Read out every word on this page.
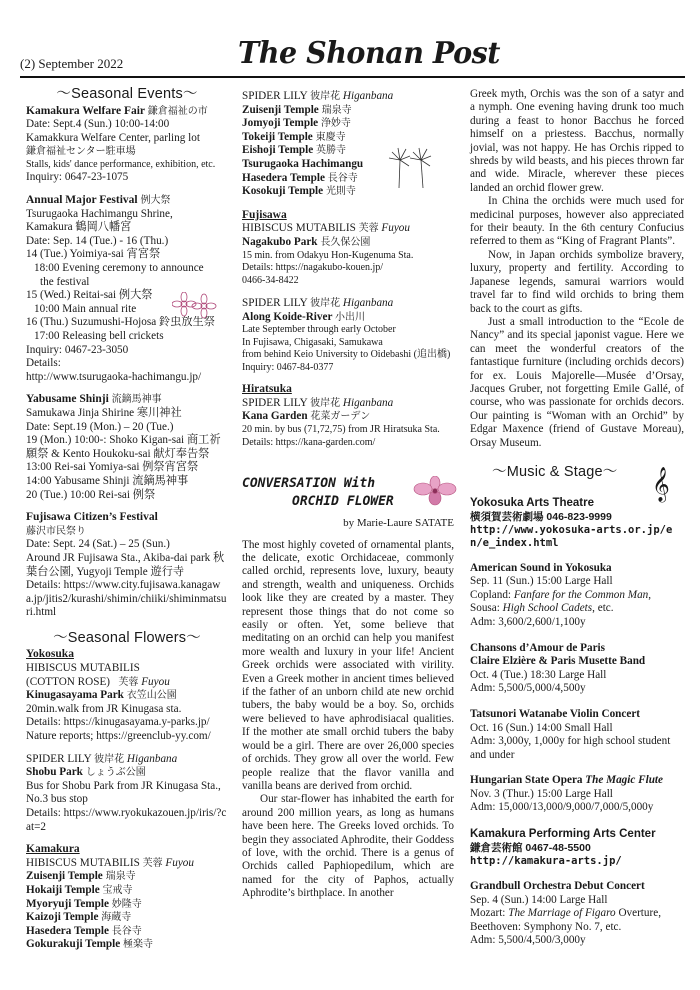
(2) September 2022	The Shonan Post
〜Seasonal Events〜
Kamakura Welfare Fair 鎌倉福祉の市
Date: Sept.4 (Sun.) 10:00-14:00
Kamakkura Welfare Center, parling lot
鎌倉福祉センター駐車場
Stalls, kids' dance performance, exhibition, etc.
Inquiry: 0647-23-1075
Annual Major Festival 例大祭
Tsurugaoka Hachimangu Shrine,
Kamakura 鶴岡八幡宮
Date: Sep. 14 (Tue.) - 16 (Thu.)
14 (Tue.) Yoimiya-sai 宵宮祭
18:00 Evening ceremony to announce
the festival
15 (Wed.) Reitai-sai 例大祭
10:00 Main annual rite
16 (Thu.) Suzumushi-Hojosa 鈴虫放生祭
17:00 Releasing bell crickets
Inquiry: 0467-23-3050
Details:
http://www.tsurugaoka-hachimangu.jp/
Yabusame Shinji 流鏑馬神事
Samukawa Jinja Shirine 寒川神社
Date: Sept.19 (Mon.) – 20 (Tue.)
19 (Mon.) 10:00-: Shoko Kigan-sai 商工祈願祭 & Kento Houkoku-sai 献灯奉告祭
13:00 Rei-sai Yomiya-sai 例祭宵宮祭
14:00 Yabusame Shinji 流鏑馬神事
20 (Tue.) 10:00 Rei-sai 例祭
Fujisawa Citizen’s Festival
藤沢市民祭り
Date: Sept. 24 (Sat.) – 25 (Sun.)
Around JR Fujisawa Sta., Akiba-dai park 秋葉台公園, Yugyoji Temple 遊行寺
Details: https://www.city.fujisawa.kanagawa.jp/jitis2/kurashi/shimin/chiiki/shiminmatsuri.html
〜Seasonal Flowers〜
Yokosuka
HIBISCUS MUTABILIS
(COTTON ROSE) 芙蓉 Fuyou
Kinugasayama Park 衣笠山公園
20min.walk from JR Kinugasa sta.
Details: https://kinugasayama.y-parks.jp/
Nature reports; https://greenclub-yy.com/
SPIDER LILY 彼岸花 Higanbana
Shobu Park しょうぶ公園
Bus for Shobu Park from JR Kinugasa Sta., No.3 bus stop
Details: https://www.ryokukazouen.jp/iris/?cat=2
Kamakura
HIBISCUS MUTABILIS 芙蓉 Fuyou
Zuisenji Temple 瑞泉寺
Hokaiji Temple 宝戒寺
Myoryuji Temple 妙隆寺
Kaizoji Temple 海蔵寺
Hasedera Temple 長谷寺
Gokurakuji Temple 極楽寺
SPIDER LILY 彼岸花 Higanbana
Zuisenji Temple 瑞泉寺
Jomyoji Temple 浄妙寺
Tokeiji Temple 東慶寺
Eishoji Temple 英勝寺
Tsurugaoka Hachimangu
Hasedera Temple 長谷寺
Kosokuji Temple 光則寺
Fujisawa
HIBISCUS MUTABILIS 芙蓉 Fuyou
Nagakubo Park 長久保公園
15 min. from Odakyu Hon-Kugenuma Sta.
Details: https://nagakubo-kouen.jp/
0466-34-8422
SPIDER LILY 彼岸花 Higanbana
Along Koide-River 小出川
Late September through early October
In Fujisawa, Chigasaki, Samukawa
from behind Keio University to Oidebashi (追出橋) Inquiry: 0467-84-0377
Hiratsuka
SPIDER LILY 彼岸花 Higanbana
Kana Garden 花菜ガーデン
20 min. by bus (71,72,75) from JR Hiratsuka Sta.
Details: https://kana-garden.com/
CONVERSATION With
ORCHID FLOWER
by Marie-Laure SATATE
The most highly coveted of ornamental plants, the delicate, exotic Orchidaceae, commonly called orchid, represents love, luxury, beauty and strength, wealth and uniqueness. Orchids look like they are created by a master. They represent those things that do not come so easily or often. Yet, some believe that meditating on an orchid can help you manifest more wealth and luxury in your life! Ancient Greek orchids were associated with virility. Even a Greek mother in ancient times believed if the father of an unborn child ate new orchid tubers, the baby would be a boy. So, orchids were believed to have aphrodisiacal qualities. If the mother ate small orchid tubers the baby would be a girl. There are over 26,000 species of orchids. They grow all over the world. Few people realize that the flavor vanilla and vanilla beans are derived from orchid.
Our star-flower has inhabited the earth for around 200 million years, as long as humans have been here. The Greeks loved orchids. To begin they associated Aphrodite, their Goddess of love, with the orchid. There is a genus of Orchids called Paphiopedilum, which are named for the city of Paphos, actually Aphrodite’s birthplace. In another
Greek myth, Orchis was the son of a satyr and a nymph. One evening having drunk too much during a feast to honor Bacchus he forced himself on a priestess. Bacchus, normally jovial, was not happy. He has Orchis ripped to shreds by wild beasts, and his pieces thrown far and wide. Miracle, wherever these pieces landed an orchid flower grew.
In China the orchids were much used for medicinal purposes, however also appreciated for their beauty. In the 6th century Confucius referred to them as “King of Fragrant Plants”.
Now, in Japan orchids symbolize bravery, luxury, property and fertility. According to Japanese legends, samurai warriors would travel far to find wild orchids to bring them back to the court as gifts.
Just a small introduction to the “Ecole de Nancy” and its special japonist vague. Here we can meet the wonderful creators of the fantastique furniture (including orchids decors) for ex. Louis Majorelle—Musée d’Orsay, Jacques Gruber, not forgetting Emile Gallé, of course, who was passionate for orchids decors. Our painting is “Woman with an Orchid” by Edgar Maxence (friend of Gustave Moreau), Orsay Museum.
〜Music & Stage〜
Yokosuka Arts Theatre
横須賀芸術劇場 046-823-9999
http://www.yokosuka-arts.or.jp/en/e_index.html
American Sound in Yokosuka
Sep. 11 (Sun.) 15:00 Large Hall
Copland: Fanfare for the Common Man,
Sousa: High School Cadets, etc.
Adm: 3,600/2,600/1,100y
Chansons d’Amour de Paris
Claire Elzière & Paris Musette Band
Oct. 4 (Tue.) 18:30 Large Hall
Adm: 5,500/5,000/4,500y
Tatsunori Watanabe Violin Concert
Oct. 16 (Sun.) 14:00 Small Hall
Adm: 3,000y, 1,000y for high school student and under
Hungarian State Opera The Magic Flute
Nov. 3 (Thur.) 15:00 Large Hall
Adm: 15,000/13,000/9,000/7,000/5,000y
Kamakura Performing Arts Center
鎌倉芸術館 0467-48-5500
http://kamakura-arts.jp/
Grandbull Orchestra Debut Concert
Sep. 4 (Sun.) 14:00 Large Hall
Mozart: The Marriage of Figaro Overture,
Beethoven: Symphony No. 7, etc.
Adm: 5,500/4,500/3,000y
𝄞
